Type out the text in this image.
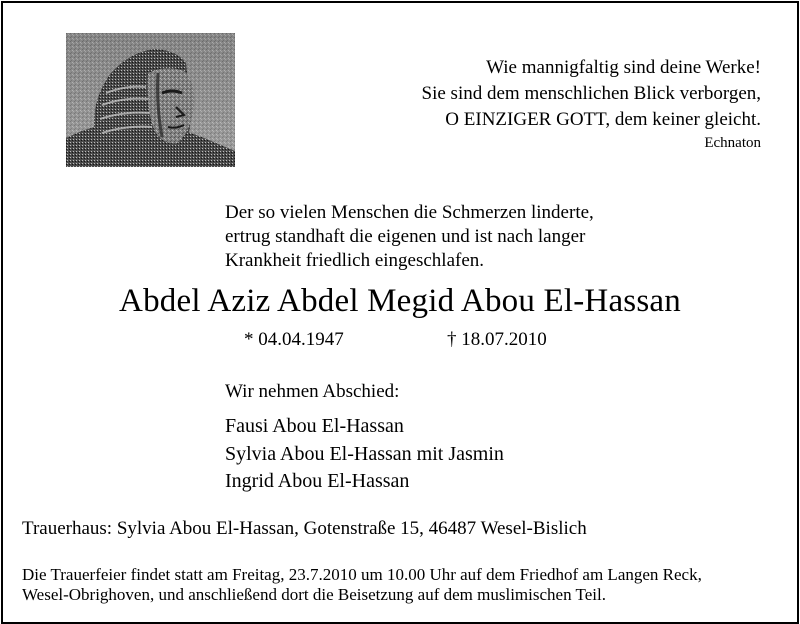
Wie mannigfaltig sind deine Werke!
Sie sind dem menschlichen Blick verborgen,
O EINZIGER GOTT, dem keiner gleicht.
Echnaton
Der so vielen Menschen die Schmerzen linderte,
ertrug standhaft die eigenen und ist nach langer
Krankheit friedlich eingeschlafen.
Abdel Aziz Abdel Megid Abou El-Hassan
* 04.04.1947	† 18.07.2010
Wir nehmen Abschied:
Fausi Abou El-Hassan
Sylvia Abou El-Hassan mit Jasmin
Ingrid Abou El-Hassan
Trauerhaus: Sylvia Abou El-Hassan, Gotenstraße 15, 46487 Wesel-Bislich
Die Trauerfeier findet statt am Freitag, 23.7.2010 um 10.00 Uhr auf dem Friedhof am Langen Reck,
Wesel-Obrighoven, und anschließend dort die Beisetzung auf dem muslimischen Teil.
